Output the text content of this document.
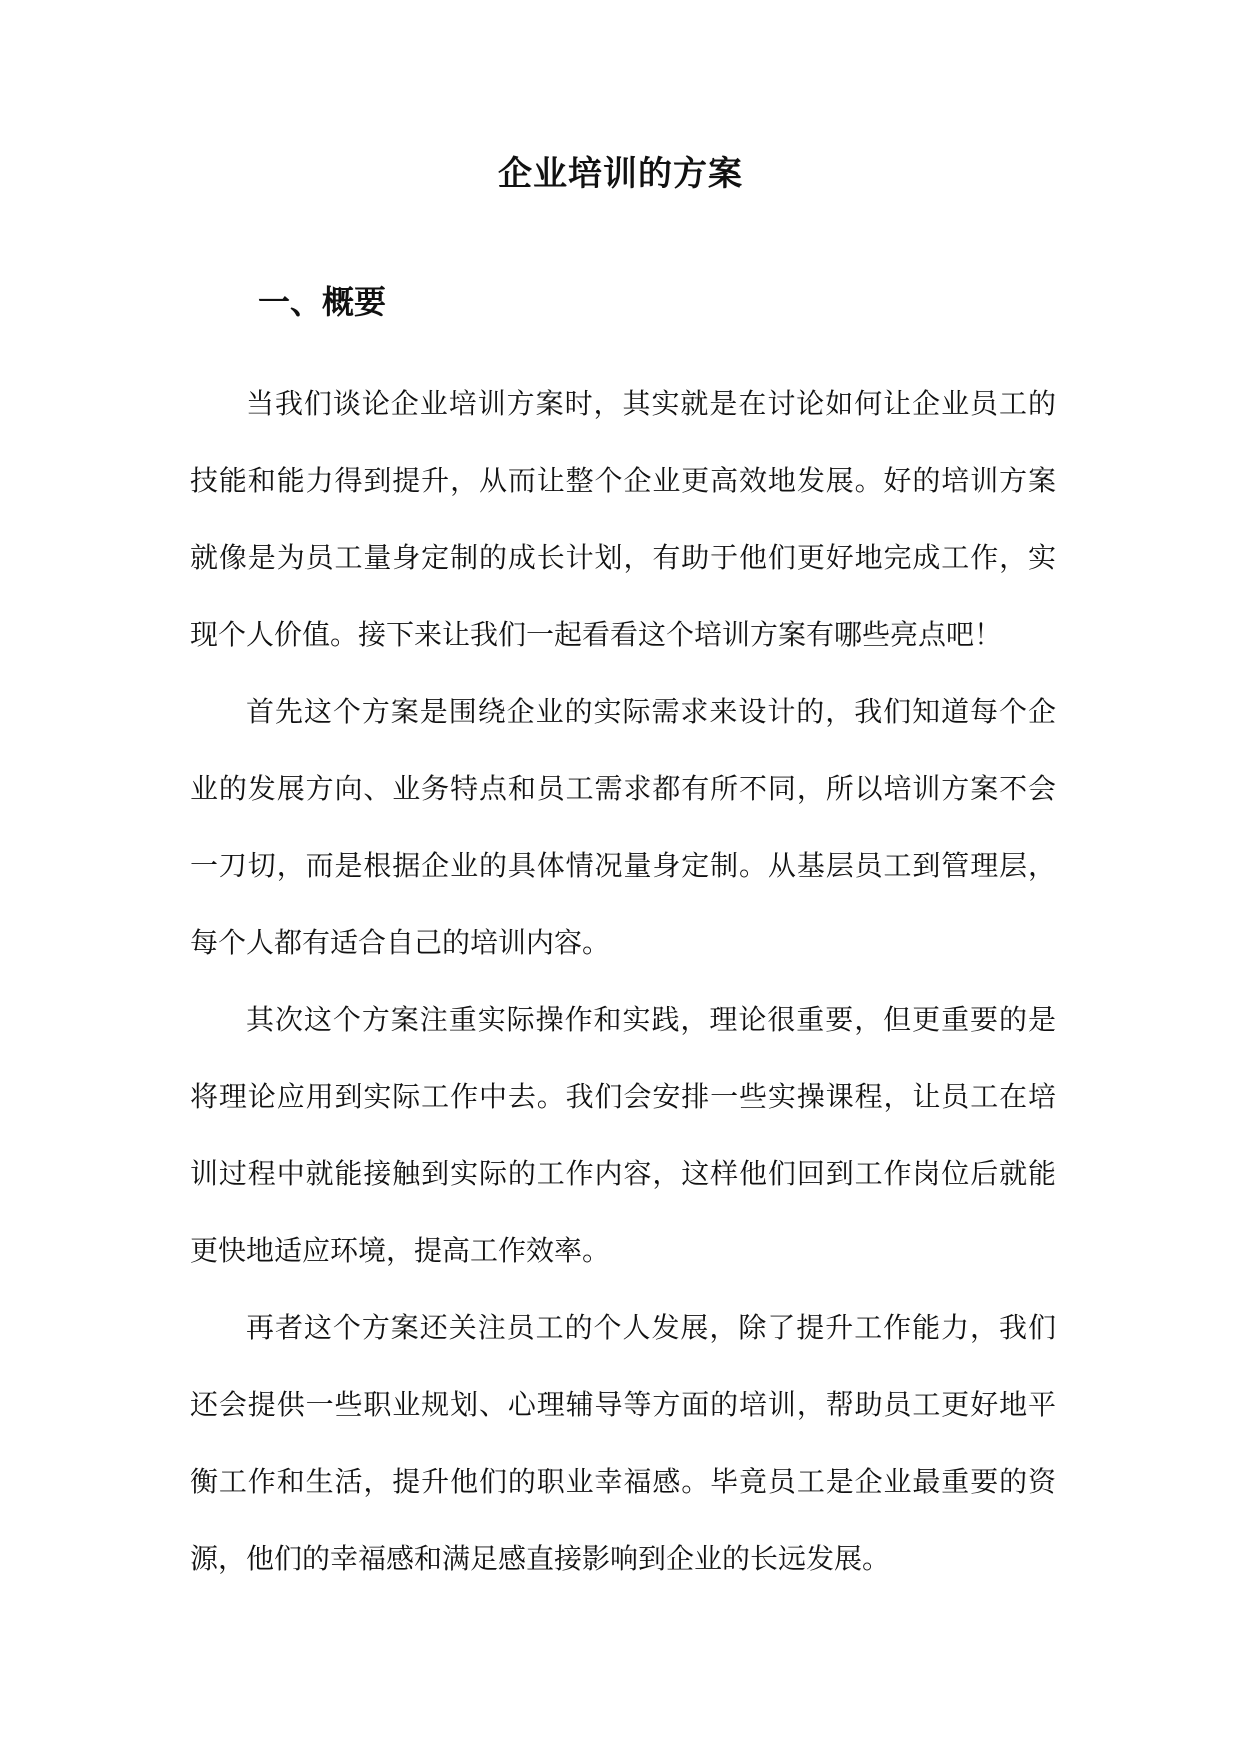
企业培训的方案
一、概要

当我们谈论企业培训方案时，其实就是在讨论如何让企业员工的技能和能力得到提升，从而让整个企业更高效地发展。好的培训方案就像是为员工量身定制的成长计划，有助于他们更好地完成工作，实现个人价值。接下来让我们一起看看这个培训方案有哪些亮点吧！

首先这个方案是围绕企业的实际需求来设计的，我们知道每个企业的发展方向、业务特点和员工需求都有所不同，所以培训方案不会一刀切，而是根据企业的具体情况量身定制。从基层员工到管理层，每个人都有适合自己的培训内容。

其次这个方案注重实际操作和实践，理论很重要，但更重要的是将理论应用到实际工作中去。我们会安排一些实操课程，让员工在培训过程中就能接触到实际的工作内容，这样他们回到工作岗位后就能更快地适应环境，提高工作效率。

再者这个方案还关注员工的个人发展，除了提升工作能力，我们还会提供一些职业规划、心理辅导等方面的培训，帮助员工更好地平衡工作和生活，提升他们的职业幸福感。毕竟员工是企业最重要的资源，他们的幸福感和满足感直接影响到企业的长远发展。
